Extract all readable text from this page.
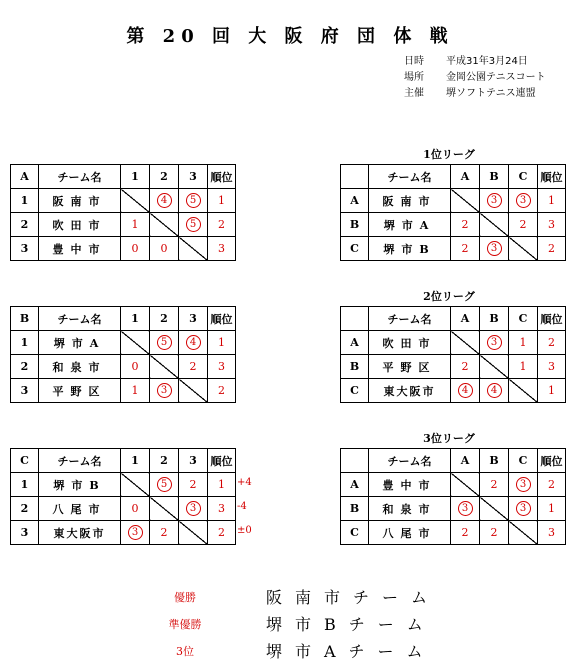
第 20 回 大 阪 府 団 体 戦
日時	平成31年3月24日
場所	金岡公園テニスコート
主催	堺ソフトテニス連盟
A	チーム名	1	2	3	順位
1	阪南市		4	5	1
2	吹田市	1		5	2
3	豊中市	0	0		3
B	チーム名	1	2	3	順位
1	堺市A		5	4	1
2	和泉市	0		2	3
3	平野区	1	3		2
C	チーム名	1	2	3	順位
1	堺市B		5	2	1
2	八尾市	0		3	3
3	東大阪市	3	2		2
+4
-4
±0
1位リーグ
	チーム名	A	B	C	順位
A	阪南市		3	3	1
B	堺市A	2		2	3
C	堺市B	2	3		2
2位リーグ
	チーム名	A	B	C	順位
A	吹田市		3	1	2
B	平野区	2		1	3
C	東大阪市	4	4		1
3位リーグ
	チーム名	A	B	C	順位
A	豊中市		2	3	2
B	和泉市	3		3	1
C	八尾市	2	2		3
優勝	阪南市チーム
準優勝	堺市Bチーム
3位	堺市Aチーム
